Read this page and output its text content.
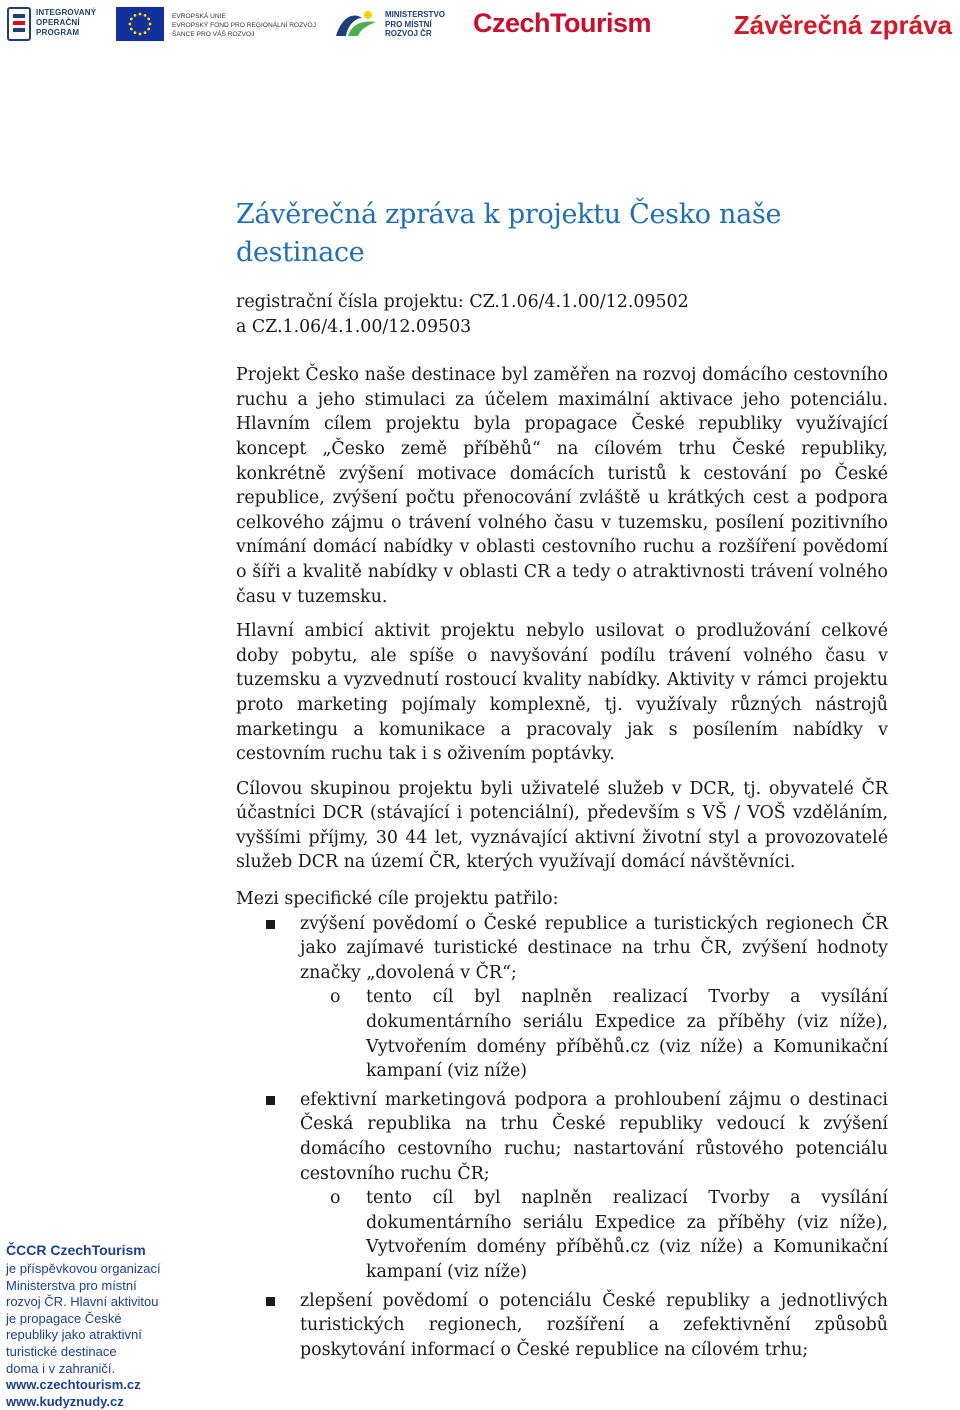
INTEGROVANÝ
OPERAČNÍ
PROGRAM
EVROPSKÁ UNIE
EVROPSKÝ FOND PRO REGIONÁLNÍ ROZVOJ
ŠANCE PRO VÁŠ ROZVOJ
MINISTERSTVO
PRO MÍSTNÍ
ROZVOJ ČR	CzechTourism	Závěrečná zpráva
Závěrečná zpráva k projektu Česko naše destinace

registrační čísla projektu: CZ.1.06/4.1.00/12.09502
a CZ.1.06/4.1.00/12.09503

Projekt Česko naše destinace byl zaměřen na rozvoj domácího cestovního ruchu a jeho stimulaci za účelem maximální aktivace jeho potenciálu. Hlavním cílem projektu byla propagace České republiky využívající koncept „Česko země příběhů“ na cílovém trhu České republiky, konkrétně zvýšení motivace domácích turistů k cestování po České republice, zvýšení počtu přenocování zvláště u krátkých cest a podpora celkového zájmu o trávení volného času v tuzemsku, posílení pozitivního vnímání domácí nabídky v oblasti cestovního ruchu a rozšíření povědomí o šíři a kvalitě nabídky v oblasti CR a tedy o atraktivnosti trávení volného času v tuzemsku.

Hlavní ambicí aktivit projektu nebylo usilovat o prodlužování celkové doby pobytu, ale spíše o navyšování podílu trávení volného času v tuzemsku a vyzvednutí rostoucí kvality nabídky. Aktivity v rámci projektu proto marketing pojímaly komplexně, tj. využívaly různých nástrojů marketingu a komunikace a pracovaly jak s posílením nabídky v cestovním ruchu tak i s oživením poptávky.

Cílovou skupinou projektu byli uživatelé služeb v DCR, tj. obyvatelé ČR účastníci DCR (stávající i potenciální), především s VŠ / VOŠ vzděláním, vyššími příjmy, 30 44 let, vyznávající aktivní životní styl a provozovatelé služeb DCR na území ČR, kterých využívají domácí návštěvníci.

Mezi specifické cíle projektu patřilo:

zvýšení povědomí o České republice a turistických regionech ČR jako zajímavé turistické destinace na trhu ČR, zvýšení hodnoty značky „dovolená v ČR“;
o tento cíl byl naplněn realizací Tvorby a vysílání dokumentárního seriálu Expedice za příběhy (viz níže), Vytvořením domény příběhů.cz (viz níže) a Komunikační kampaní (viz níže)
efektivní marketingová podpora a prohloubení zájmu o destinaci Česká republika na trhu České republiky vedoucí k zvýšení domácího cestovního ruchu; nastartování růstového potenciálu cestovního ruchu ČR;
o tento cíl byl naplněn realizací Tvorby a vysílání dokumentárního seriálu Expedice za příběhy (viz níže), Vytvořením domény příběhů.cz (viz níže) a Komunikační kampaní (viz níže)
zlepšení povědomí o potenciálu České republiky a jednotlivých turistických regionech, rozšíření a zefektivnění způsobů poskytování informací o České republice na cílovém trhu;
ČCCR CzechTourism
je příspěvkovou organizací
Ministerstva pro místní
rozvoj ČR. Hlavní aktivitou
je propagace České
republiky jako atraktivní
turistické destinace
doma i v zahraničí.
www.czechtourism.cz
www.kudyznudy.cz
